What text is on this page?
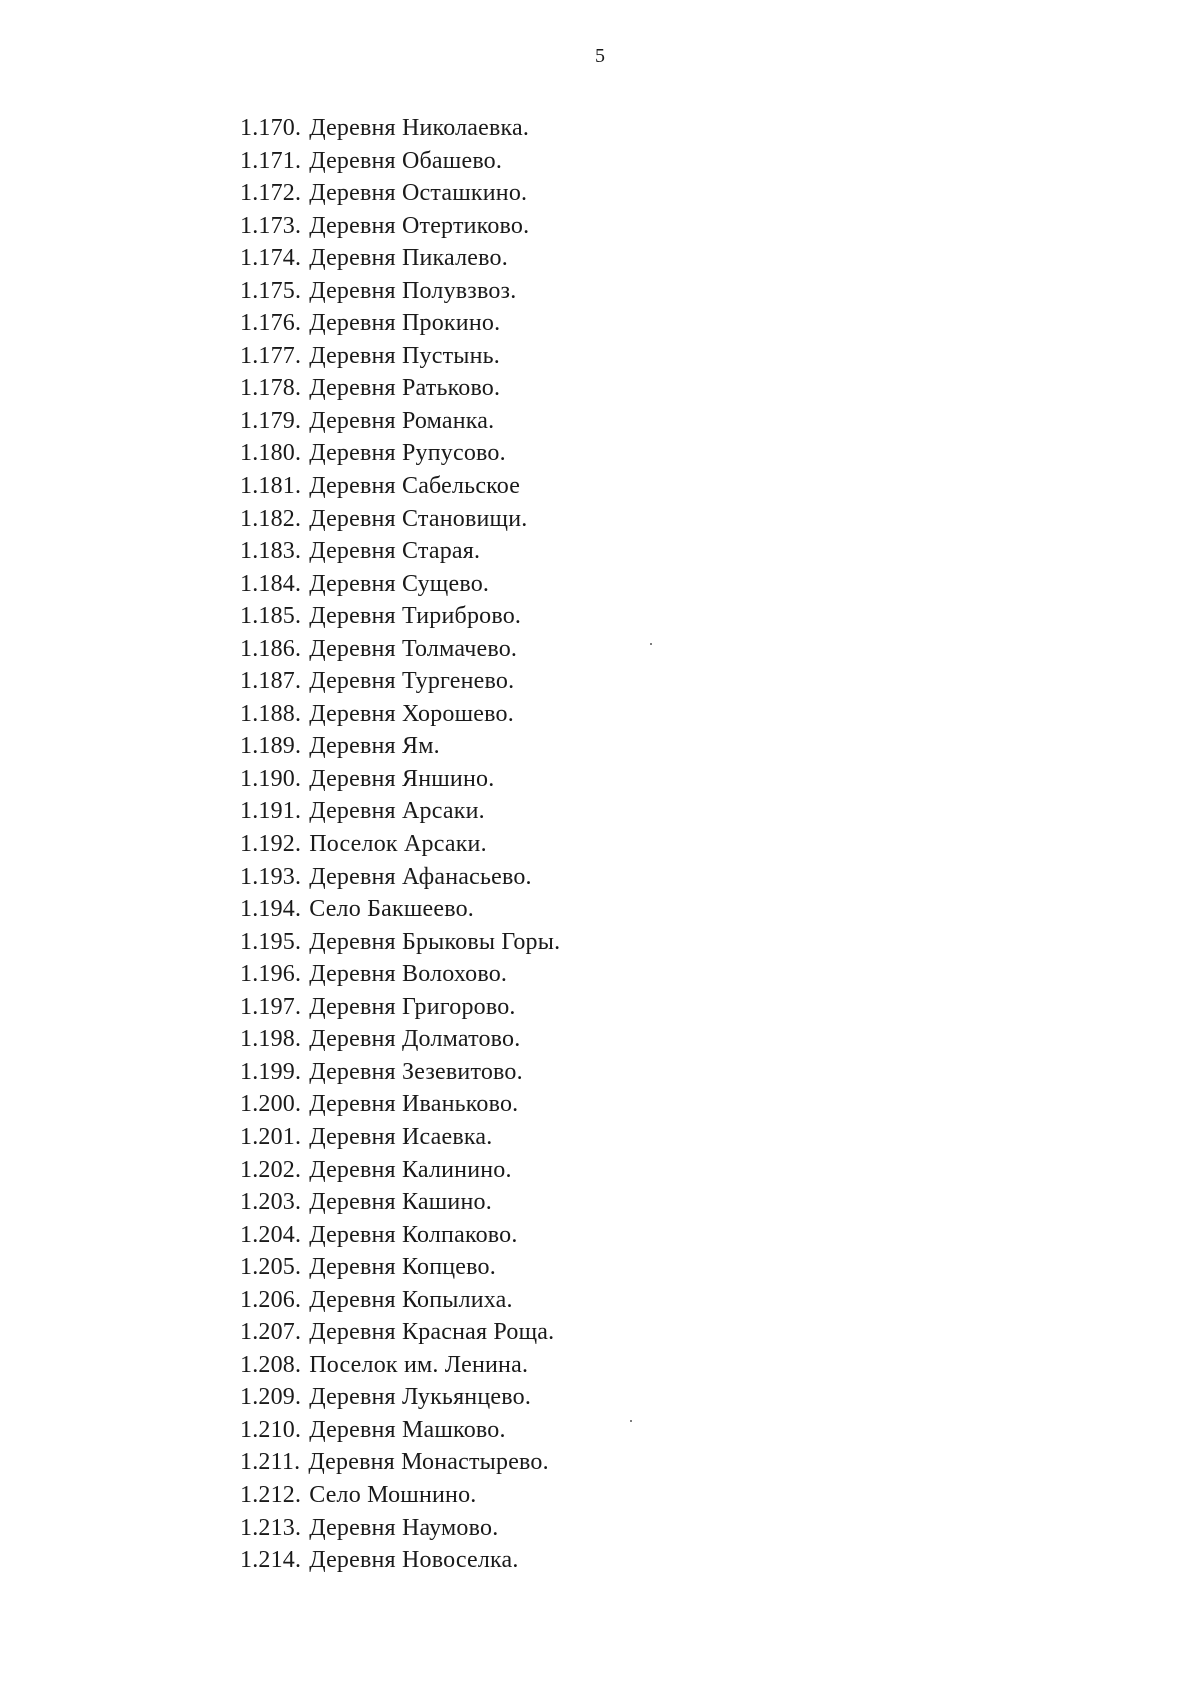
5
1.170. Деревня Николаевка.
1.171. Деревня Обашево.
1.172. Деревня Осташкино.
1.173. Деревня Отертиково.
1.174. Деревня Пикалево.
1.175. Деревня Полувзвоз.
1.176. Деревня Прокино.
1.177. Деревня Пустынь.
1.178. Деревня Ратьково.
1.179. Деревня Романка.
1.180. Деревня Рупусово.
1.181. Деревня Сабельское
1.182. Деревня Становищи.
1.183. Деревня Старая.
1.184. Деревня Сущево.
1.185. Деревня Тириброво.
1.186. Деревня Толмачево.
1.187. Деревня Тургенево.
1.188. Деревня Хорошево.
1.189. Деревня Ям.
1.190. Деревня Яншино.
1.191. Деревня Арсаки.
1.192. Поселок Арсаки.
1.193. Деревня Афанасьево.
1.194. Село Бакшеево.
1.195. Деревня Брыковы Горы.
1.196. Деревня Волохово.
1.197. Деревня Григорово.
1.198. Деревня Долматово.
1.199. Деревня Зезевитово.
1.200. Деревня Иваньково.
1.201. Деревня Исаевка.
1.202. Деревня Калинино.
1.203. Деревня Кашино.
1.204. Деревня Колпаково.
1.205. Деревня Копцево.
1.206. Деревня Копылиха.
1.207. Деревня Красная Роща.
1.208. Поселок им. Ленина.
1.209. Деревня Лукьянцево.
1.210. Деревня Машково.
1.211. Деревня Монастырево.
1.212. Село Мошнино.
1.213. Деревня Наумово.
1.214. Деревня Новоселка.
